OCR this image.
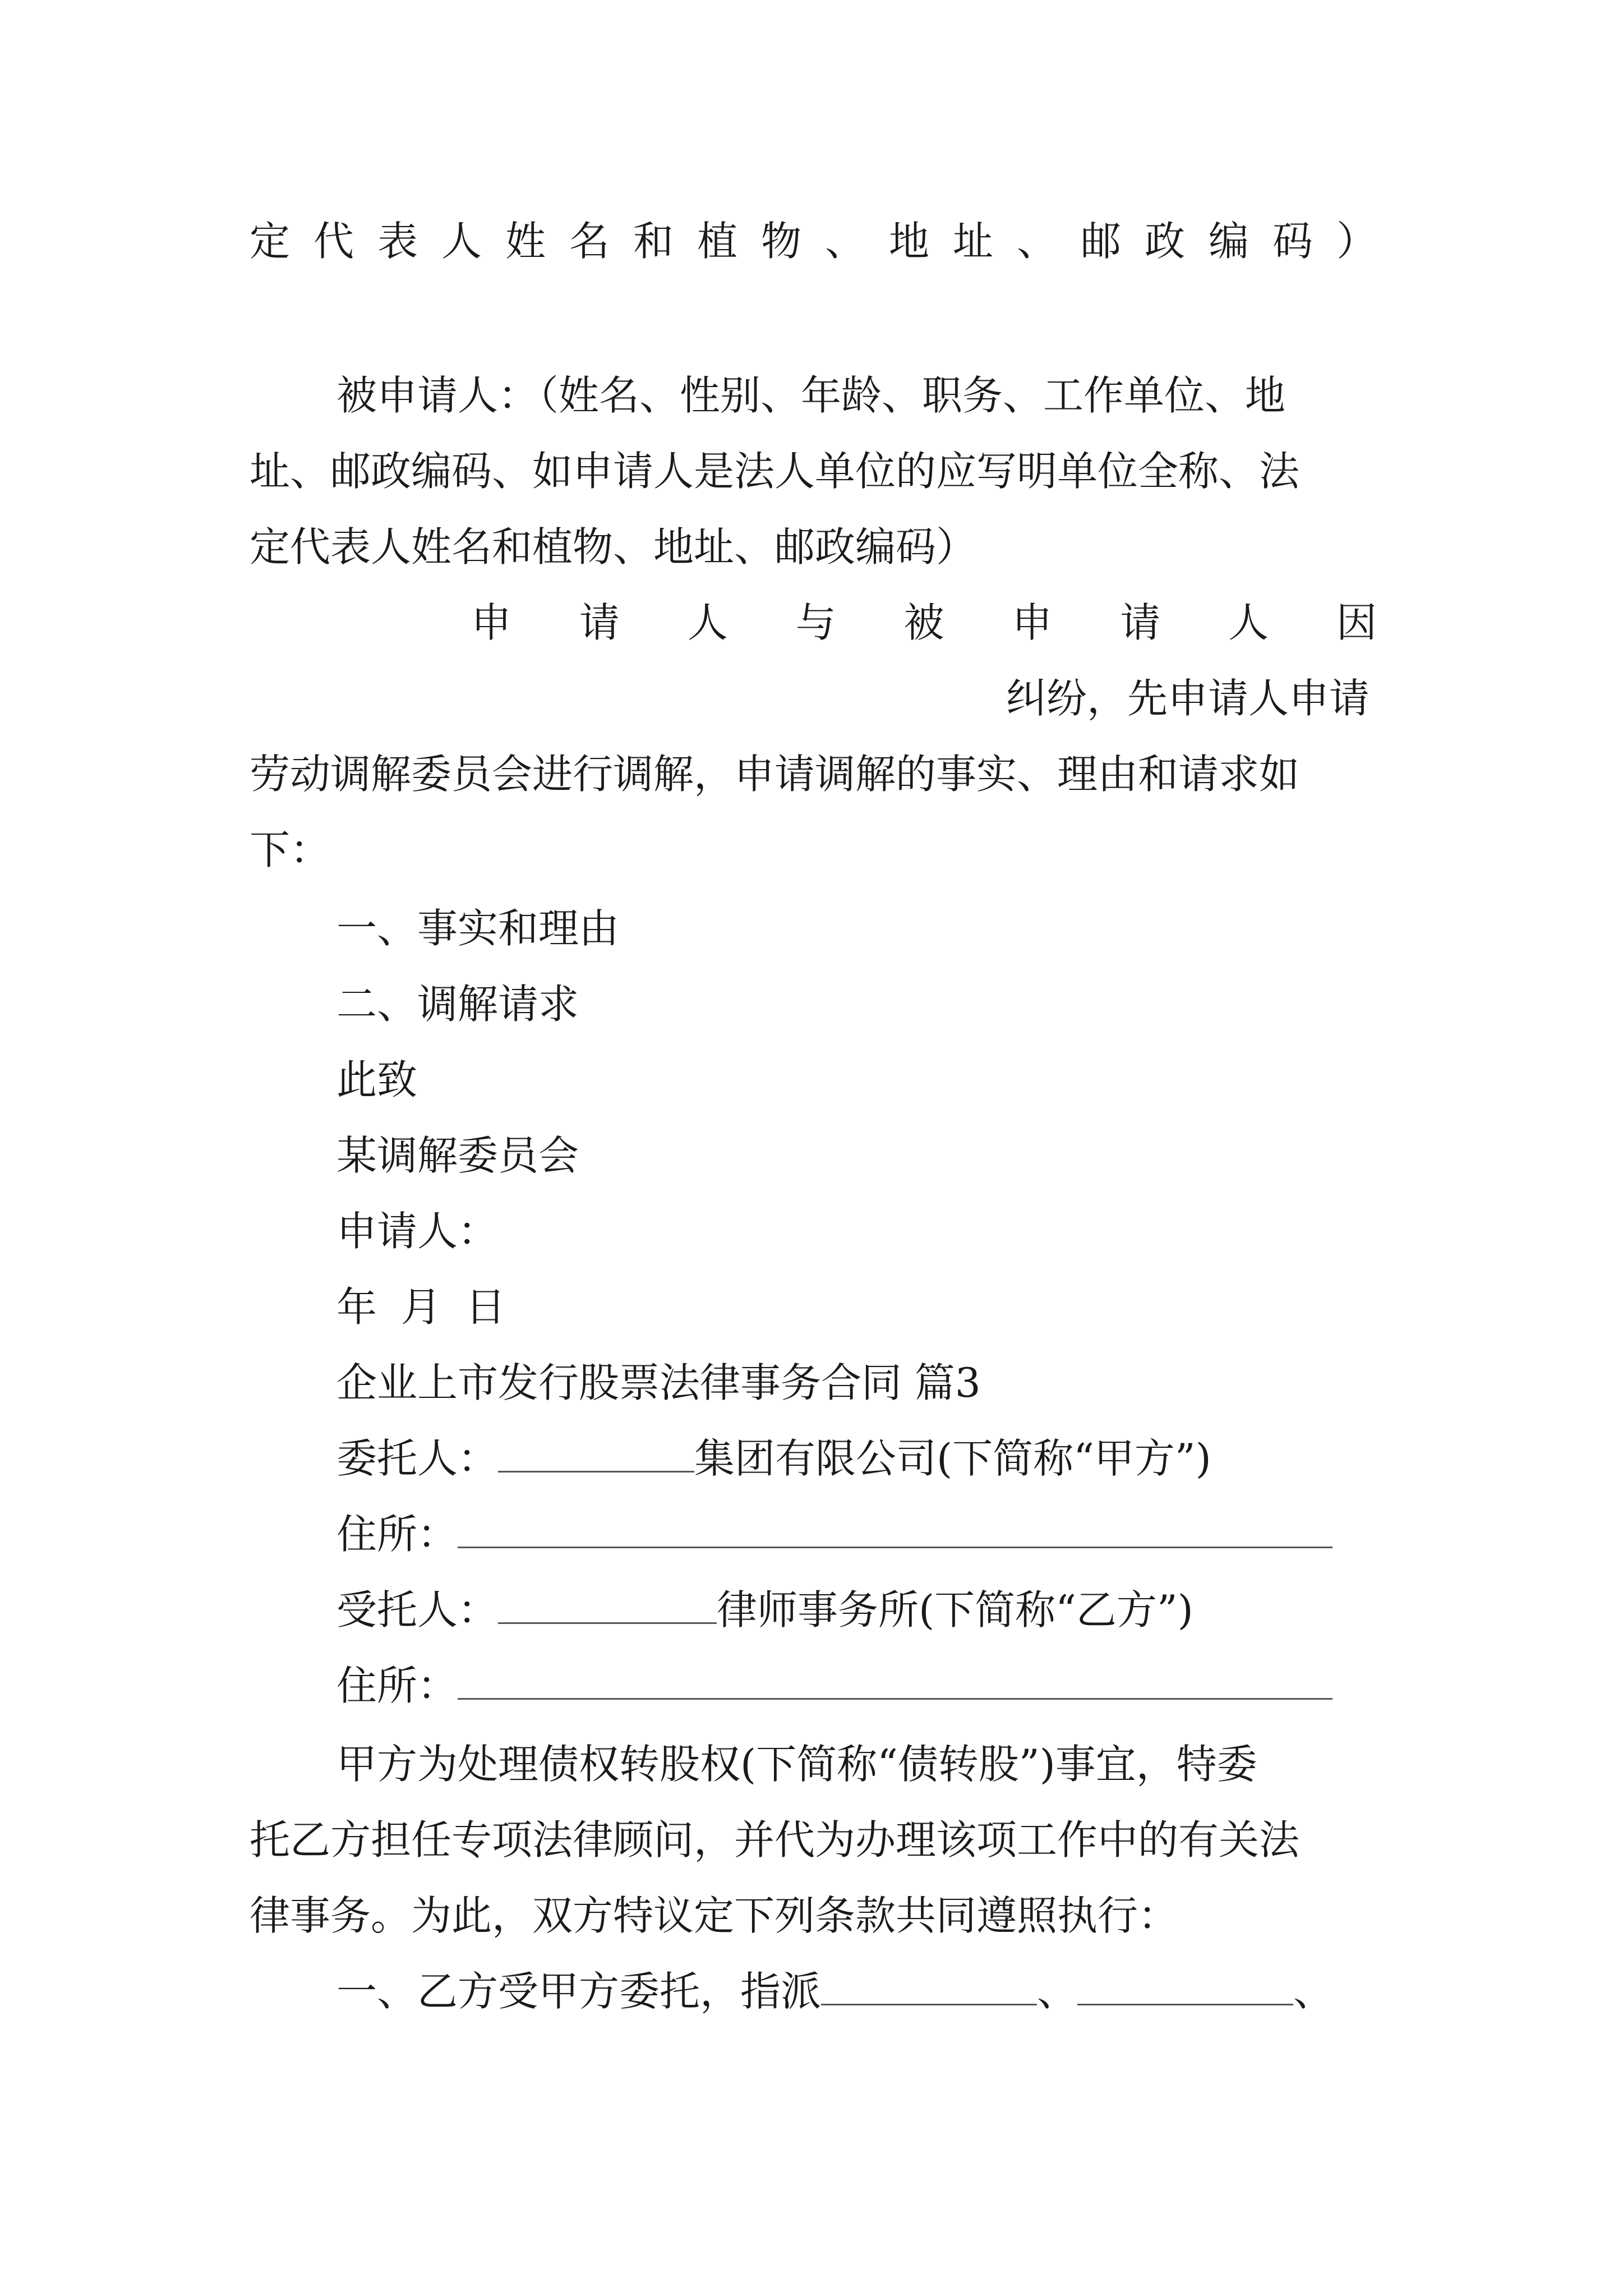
定代表人姓名和植物、地址、邮政编码）
被申请人：（姓名、性别、年龄、职务、工作单位、地
址、邮政编码、如申请人是法人单位的应写明单位全称、法
定代表人姓名和植物、地址、邮政编码）
申请人与被申请人因
纠纷，先申请人申请
劳动调解委员会进行调解，申请调解的事实、理由和请求如
下：
一、事实和理由
二、调解请求
此致
某调解委员会
申请人：
年 月 日
企业上市发行股票法律事务合同 篇3
委托人：	集团有限公司(下简称“甲方”)
住所：
受托人：	律师事务所(下简称“乙方”)
住所：
甲方为处理债权转股权(下简称“债转股”)事宜，特委
托乙方担任专项法律顾问，并代为办理该项工作中的有关法
律事务。为此，双方特议定下列条款共同遵照执行：
一、乙方受甲方委托，指派	、	、
